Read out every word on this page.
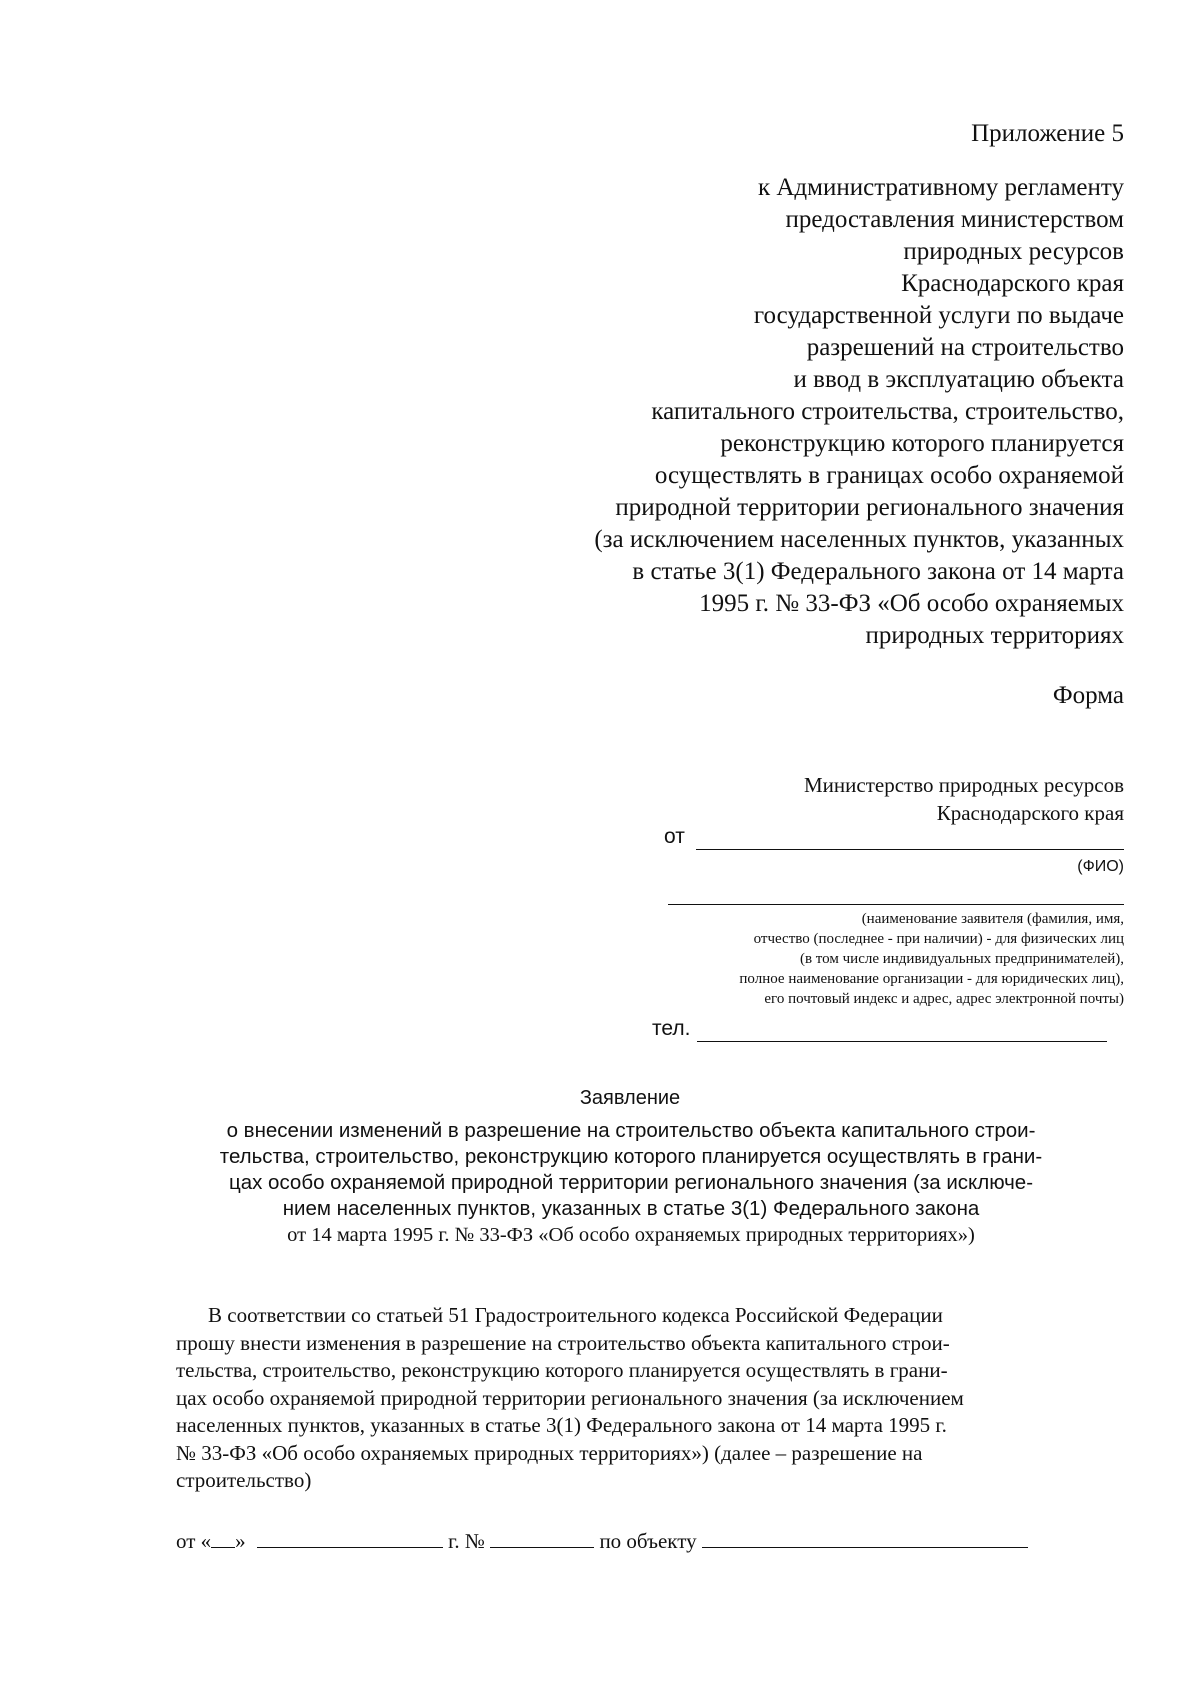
Приложение 5
к Административному регламенту
предоставления министерством
природных ресурсов
Краснодарского края
государственной услуги по выдаче
разрешений на строительство
и ввод в эксплуатацию объекта
капитального строительства, строительство,
реконструкцию которого планируется
осуществлять в границах особо охраняемой
природной территории регионального значения
(за исключением населенных пунктов, указанных
в статье 3(1) Федерального закона от 14 марта
1995 г. № 33-ФЗ «Об особо охраняемых
природных территориях
Форма
Министерство природных ресурсов
Краснодарского края
от
(ФИО)
(наименование заявителя (фамилия, имя,
отчество (последнее - при наличии) - для физических лиц
(в том числе индивидуальных предпринимателей),
полное наименование организации - для юридических лиц),
его почтовый индекс и адрес, адрес электронной почты)
тел.
Заявление
о внесении изменений в разрешение на строительство объекта капитального строи-
тельства, строительство, реконструкцию которого планируется осуществлять в грани-
цах особо охраняемой природной территории регионального значения (за исключе-
нием населенных пунктов, указанных в статье 3(1) Федерального закона
от 14 марта 1995 г. № 33-ФЗ «Об особо охраняемых природных территориях»)
В соответствии со статьей 51 Градостроительного кодекса Российской Федерации
прошу внести изменения в разрешение на строительство объекта капитального строи-
тельства, строительство, реконструкцию которого планируется осуществлять в грани-
цах особо охраняемой природной территории регионального значения (за исключением
населенных пунктов, указанных в статье 3(1) Федерального закона от 14 марта 1995 г.
№ 33-ФЗ «Об особо охраняемых природных территориях») (далее – разрешение на
строительство)
от « »	г. №	по объекту
